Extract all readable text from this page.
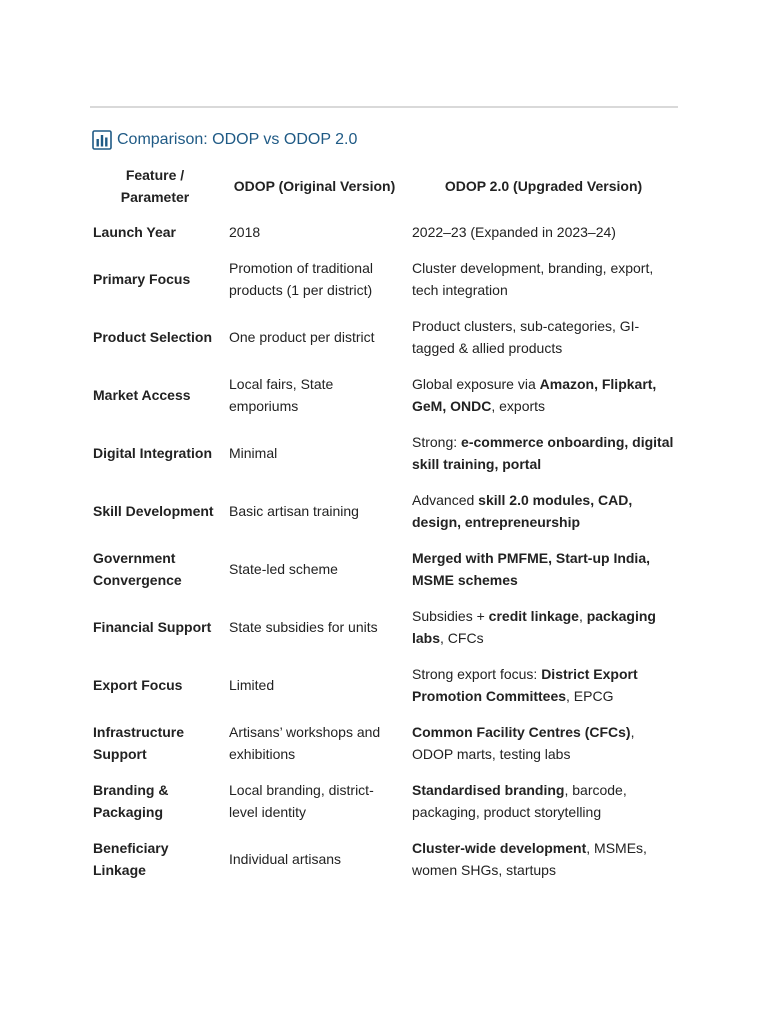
Comparison: ODOP vs ODOP 2.0
Feature / Parameter	ODOP (Original Version)	ODOP 2.0 (Upgraded Version)
Launch Year	2018	2022–23 (Expanded in 2023–24)
Primary Focus	Promotion of traditional products (1 per district)	Cluster development, branding, export, tech integration
Product Selection	One product per district	Product clusters, sub-categories, GI-tagged & allied products
Market Access	Local fairs, State emporiums	Global exposure via Amazon, Flipkart, GeM, ONDC, exports
Digital Integration	Minimal	Strong: e-commerce onboarding, digital skill training, portal
Skill Development	Basic artisan training	Advanced skill 2.0 modules, CAD, design, entrepreneurship
Government Convergence	State-led scheme	Merged with PMFME, Start-up India, MSME schemes
Financial Support	State subsidies for units	Subsidies + credit linkage, packaging labs, CFCs
Export Focus	Limited	Strong export focus: District Export Promotion Committees, EPCG
Infrastructure Support	Artisans’ workshops and exhibitions	Common Facility Centres (CFCs), ODOP marts, testing labs
Branding & Packaging	Local branding, district-level identity	Standardised branding, barcode, packaging, product storytelling
Beneficiary Linkage	Individual artisans	Cluster-wide development, MSMEs, women SHGs, startups
